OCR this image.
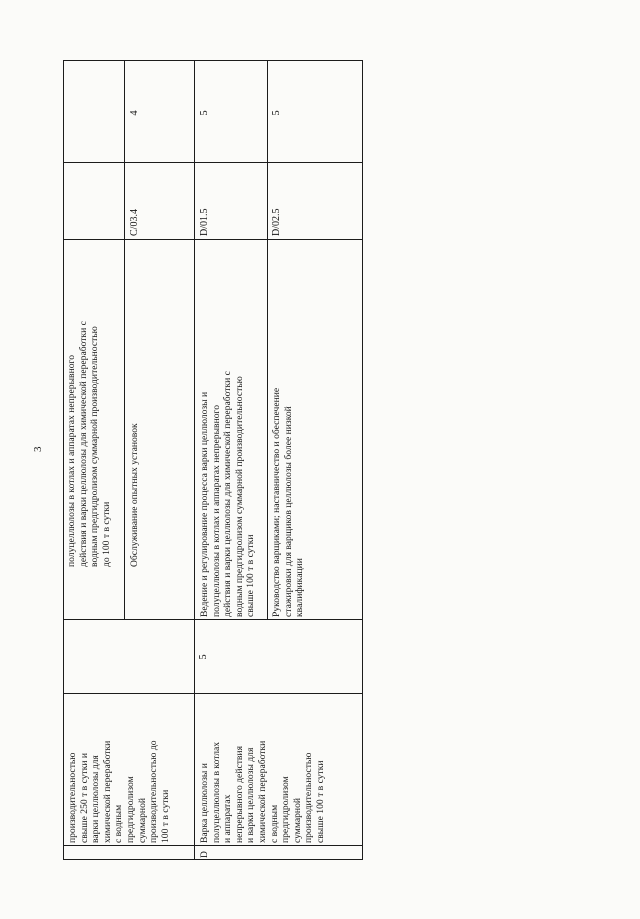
3
производительностью
свыше 250 т в сутки и
варки целлюлозы для
химической переработки
с водным
предгидролизом
суммарной
производительностью до
100 т в сутки
полуцеллюлозы в котлах и аппаратах непрерывного
действия и варки целлюлозы для химической переработки с
водным предгидролизом суммарной производительностью
до 100 т в сутки	Обслуживание опытных установок
C/03.4
4
D
Варка целлюлозы и
полуцеллюлозы в котлах
и аппаратах
непрерывного действия
и варки целлюлозы для
химической переработки
с водным
предгидролизом
суммарной
производительностью
свыше 100 т в сутки
5
Ведение и регулирование процесса варки целлюлозы и
полуцеллюлозы в котлах и аппаратах непрерывного
действия и варки целлюлозы для химической переработки с
водным предгидролизом суммарной производительностью
свыше 100 т в сутки
D/01.5
5
Руководство варщиками; наставничество и обеспечение
стажировки для варщиков целлюлозы более низкой
квалификации
D/02.5
5
